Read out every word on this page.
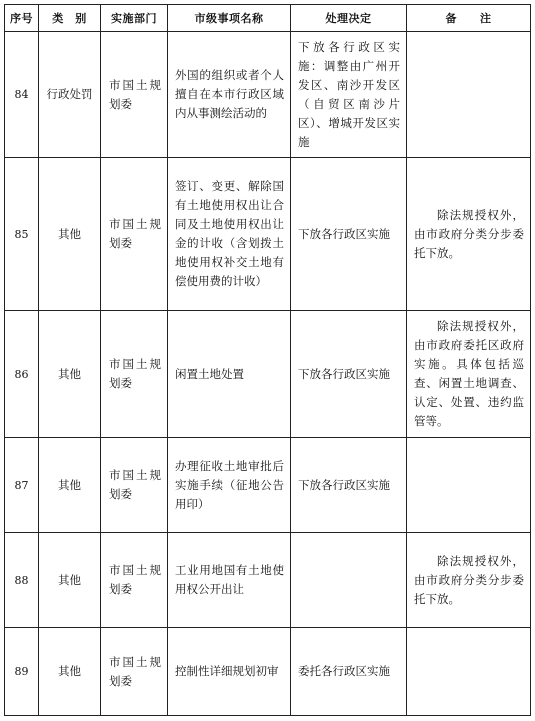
序号	类　别	实施部门	市级事项名称	处理决定	备　　注
84	行政处罚	市国土规划委	外国的组织或者个人擅自在本市行政区域内从事测绘活动的	下放各行政区实施：调整由广州开发区、南沙开发区（自贸区南沙片区）、增城开发区实施	

85	其他	市国土规划委	签订、变更、解除国有土地使用权出让合同及土地使用权出让金的计收（含划拨土地使用权补交土地有偿使用费的计收）	下放各行政区实施	除法规授权外，由市政府分类分步委托下放。

86	其他	市国土规划委	闲置土地处置	下放各行政区实施	除法规授权外，由市政府委托区政府实施。具体包括巡查、闲置土地调查、认定、处置、违约监管等。

87	其他	市国土规划委	办理征收土地审批后实施手续（征地公告用印）	下放各行政区实施	

88	其他	市国土规划委	工业用地国有土地使用权公开出让		除法规授权外，由市政府分类分步委托下放。

89	其他	市国土规划委	控制性详细规划初审	委托各行政区实施	
